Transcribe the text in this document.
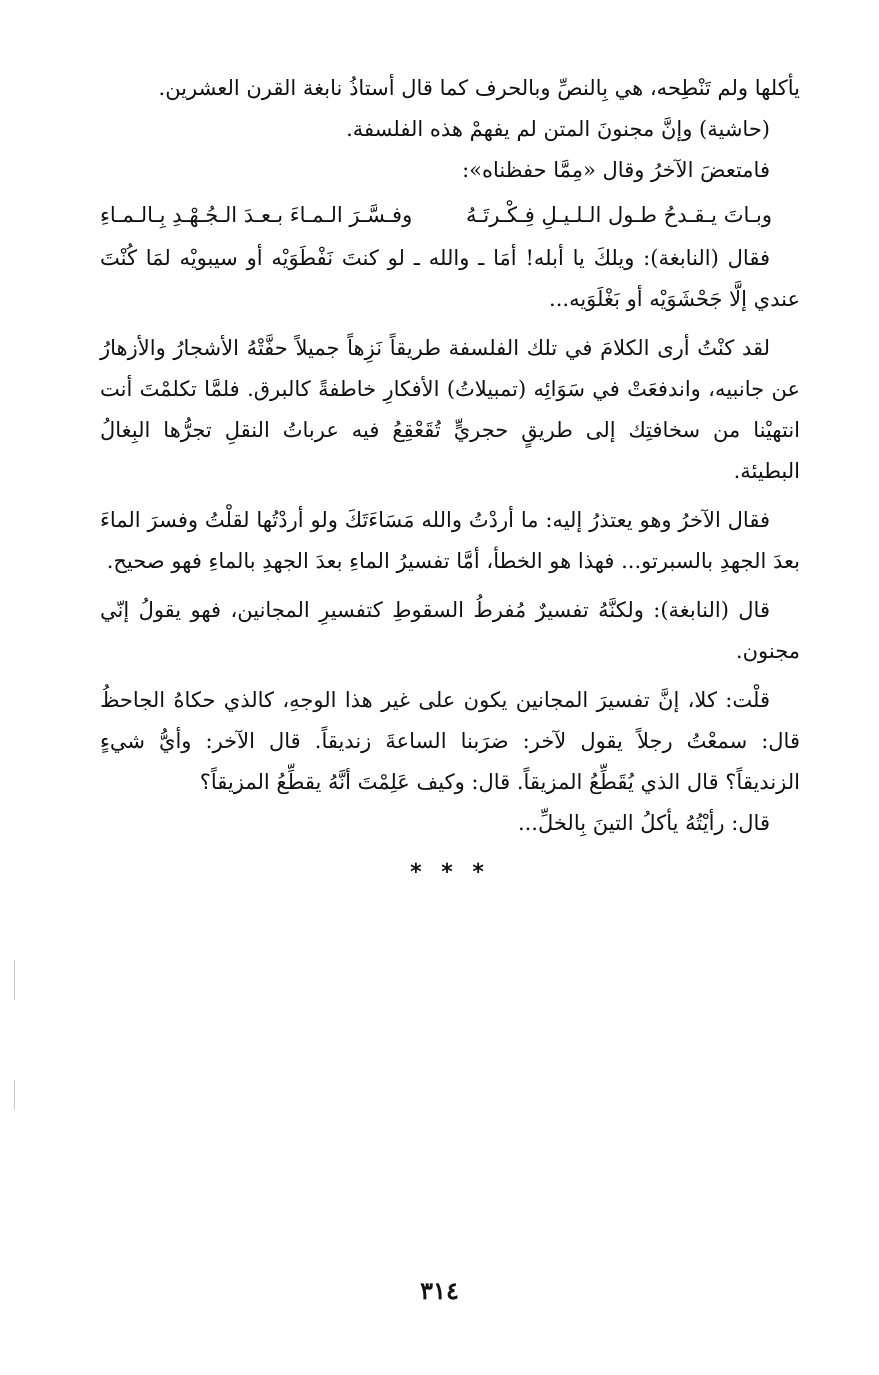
يأكلها ولم تَنْطِحه، هي بِالنصِّ وبالحرف كما قال أستاذُ نابغة القرن العشرين.

(حاشية) وإنَّ مجنونَ المتن لم يفهمْ هذه الفلسفة.

فامتعضَ الآخرُ وقال «مِمَّا حفظناه»:

وبـاتَ يـقـدحُ طـول الـلـيـلِ فِـكْـرتَـهُ
وفـسَّـرَ الـمـاءَ بـعـدَ الـجُـهْـدِ بِـالـمـاءِ

فقال (النابغة): ويلكَ يا أبله! أمَا ـ والله ـ لو كنتَ نَفْطَوَيْه أو سيبويْه لمَا كُنْتَ عندي إلَّا جَحْشَوَيْه أو بَغْلَوَيه...

لقد كنْتُ أرى الكلامَ في تلك الفلسفة طريقاً نَزِهاً جميلاً حفَّتْهُ الأشجارُ والأزهارُ عن جانبيه، واندفعَتْ في سَوَائِه (تمبيلاتُ) الأفكارِ خاطفةً كالبرق. فلمَّا تكلمْتَ أنت انتهيْنا من سخافتِك إلى طريقٍ حجريٍّ تُقَعْقِعُ فيه عرباتُ النقلِ تجرُّها البِغالُ البطيئة.

فقال الآخرُ وهو يعتذرُ إليه: ما أردْتُ والله مَسَاءَتَكَ ولو أردْتُها لقلْتُ وفسرَ الماءَ بعدَ الجهدِ بالسبرتو... فهذا هو الخطأ، أمَّا تفسيرُ الماءِ بعدَ الجهدِ بالماءِ فهو صحيح.

قال (النابغة): ولكنَّهُ تفسيرٌ مُفرطُ السقوطِ كتفسيرِ المجانين، فهو يقولُ إنّي مجنون.

قلْت: كلا، إنَّ تفسيرَ المجانين يكون على غير هذا الوجهِ، كالذي حكاهُ الجاحظُ قال: سمعْتُ رجلاً يقول لآخر: ضرَبنا الساعةَ زنديقاً. قال الآخر: وأيُّ شيءٍ الزنديقاً؟ قال الذي يُقَطِّعُ المزيقاً. قال: وكيف عَلِمْتَ أنَّهُ يقطِّعُ المزيقاً؟

قال: رأيْتُهُ يأكلُ التينَ بِالخلِّ...

* * *
٣١٤
